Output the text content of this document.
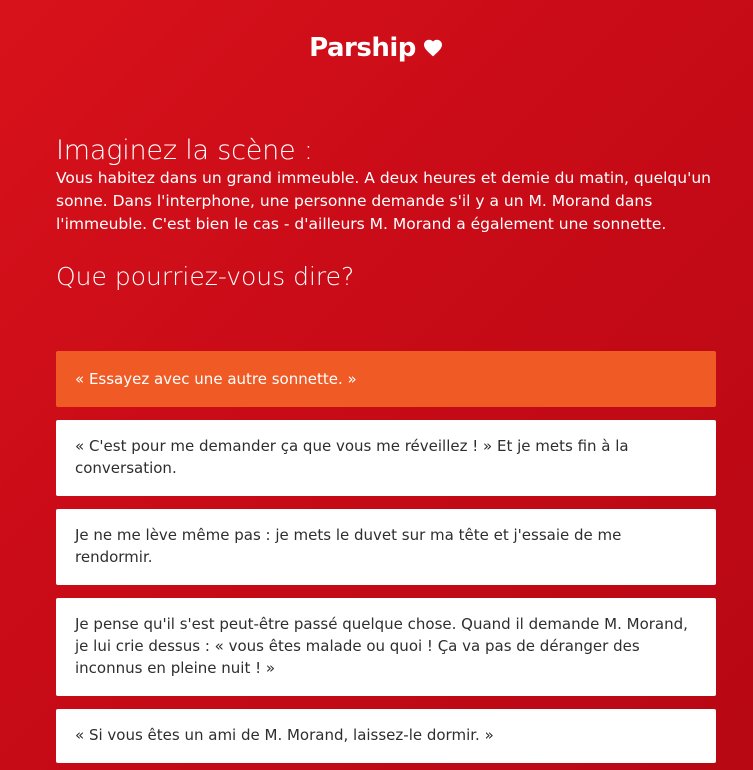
Parship
Imaginez la scène :

Vous habitez dans un grand immeuble. A deux heures et demie du matin, quelqu'un sonne. Dans l'interphone, une personne demande s'il y a un M. Morand dans l'immeuble. C'est bien le cas - d'ailleurs M. Morand a également une sonnette.

Que pourriez-vous dire?
« Essayez avec une autre sonnette. »
« C'est pour me demander ça que vous me réveillez ! » Et je mets fin à la conversation.
Je ne me lève même pas : je mets le duvet sur ma tête et j'essaie de me rendormir.
Je pense qu'il s'est peut-être passé quelque chose. Quand il demande M. Morand, je lui crie dessus : « vous êtes malade ou quoi ! Ça va pas de déranger des inconnus en pleine nuit ! »
« Si vous êtes un ami de M. Morand, laissez-le dormir. »
